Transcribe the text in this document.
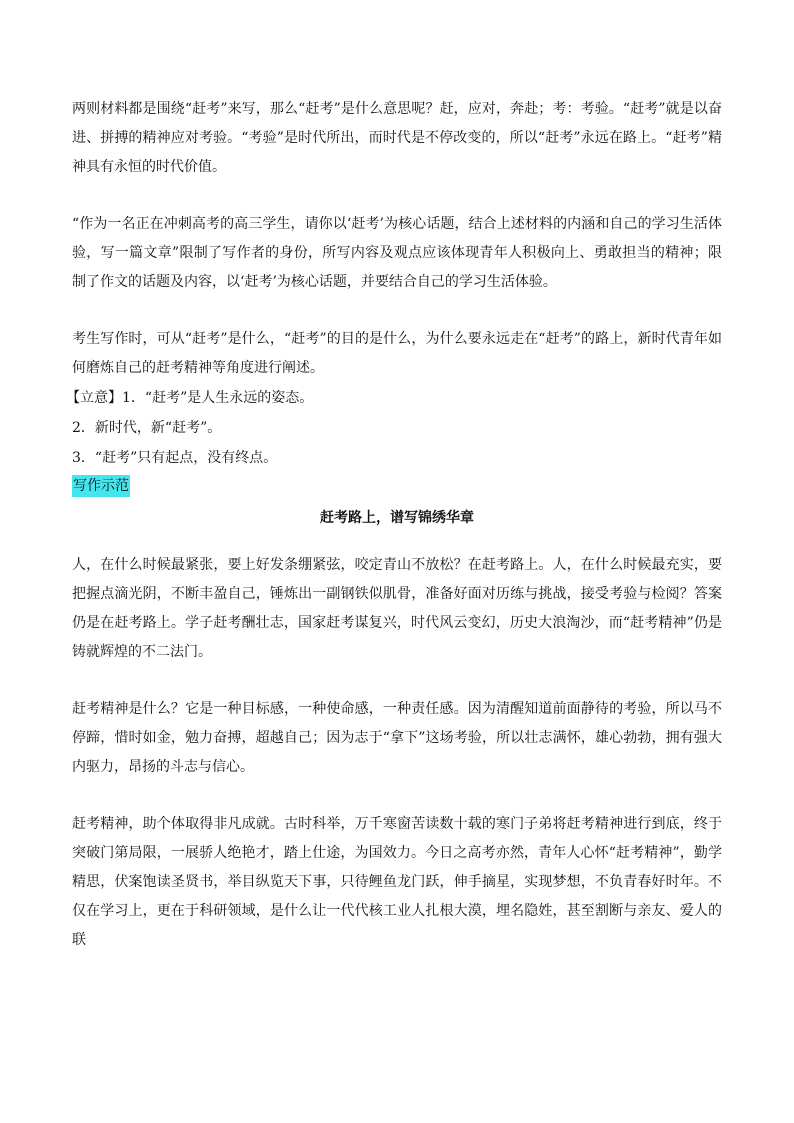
两则材料都是围绕“赶考”来写，那么“赶考”是什么意思呢？赶，应对，奔赴；考：考验。“赶考”就是以奋进、拼搏的精神应对考验。“考验”是时代所出，而时代是不停改变的，所以“赶考”永远在路上。“赶考”精神具有永恒的时代价值。

“作为一名正在冲刺高考的高三学生，请你以‘赶考’为核心话题，结合上述材料的内涵和自己的学习生活体验，写一篇文章”限制了写作者的身份，所写内容及观点应该体现青年人积极向上、勇敢担当的精神；限制了作文的话题及内容，以‘赶考’为核心话题，并要结合自己的学习生活体验。

考生写作时，可从“赶考”是什么，“赶考”的目的是什么，为什么要永远走在“赶考”的路上，新时代青年如何磨炼自己的赶考精神等角度进行阐述。

【立意】1．“赶考”是人生永远的姿态。

2．新时代，新“赶考”。

3．“赶考”只有起点，没有终点。

写作示范

赶考路上，谱写锦绣华章

人，在什么时候最紧张，要上好发条绷紧弦，咬定青山不放松？在赶考路上。人，在什么时候最充实，要把握点滴光阴，不断丰盈自己，锤炼出一副钢铁似肌骨，准备好面对历练与挑战，接受考验与检阅？答案仍是在赶考路上。学子赶考酬壮志，国家赶考谋复兴，时代风云变幻，历史大浪淘沙，而“赶考精神”仍是铸就辉煌的不二法门。

赶考精神是什么？它是一种目标感，一种使命感，一种责任感。因为清醒知道前面静待的考验，所以马不停蹄，惜时如金，勉力奋搏，超越自己；因为志于“拿下”这场考验，所以壮志满怀，雄心勃勃，拥有强大内驱力，昂扬的斗志与信心。

赶考精神，助个体取得非凡成就。古时科举，万千寒窗苦读数十载的寒门子弟将赶考精神进行到底，终于突破门第局限，一展骄人绝艳才，踏上仕途，为国效力。今日之高考亦然，青年人心怀“赶考精神”，勤学精思，伏案饱读圣贤书，举目纵览天下事，只待鲤鱼龙门跃，伸手摘星，实现梦想，不负青春好时年。不仅在学习上，更在于科研领域，是什么让一代代核工业人扎根大漠，埋名隐姓，甚至割断与亲友、爱人的联
